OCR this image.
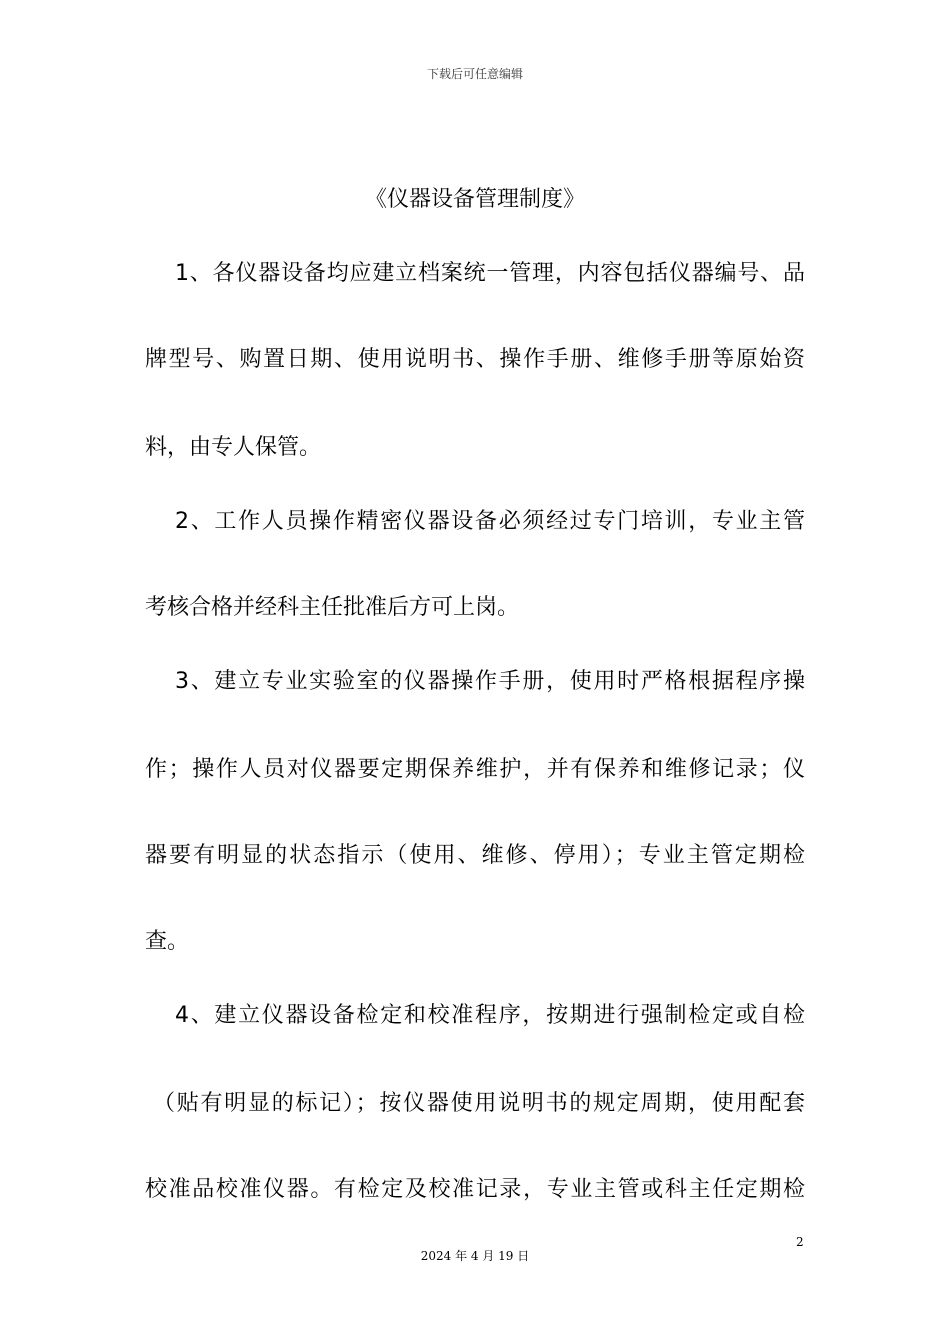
下载后可任意编辑
《仪器设备管理制度》
1、各仪器设备均应建立档案统一管理，内容包括仪器编号、品
牌型号、购置日期、使用说明书、操作手册、维修手册等原始资
料，由专人保管。
2、工作人员操作精密仪器设备必须经过专门培训，专业主管
考核合格并经科主任批准后方可上岗。
3、建立专业实验室的仪器操作手册，使用时严格根据程序操
作；操作人员对仪器要定期保养维护，并有保养和维修记录；仪
器要有明显的状态指示（使用、维修、停用）；专业主管定期检
查。
4、建立仪器设备检定和校准程序，按期进行强制检定或自检
（贴有明显的标记）；按仪器使用说明书的规定周期，使用配套
校准品校准仪器。有检定及校准记录，专业主管或科主任定期检
2
2024 年 4 月 19 日
